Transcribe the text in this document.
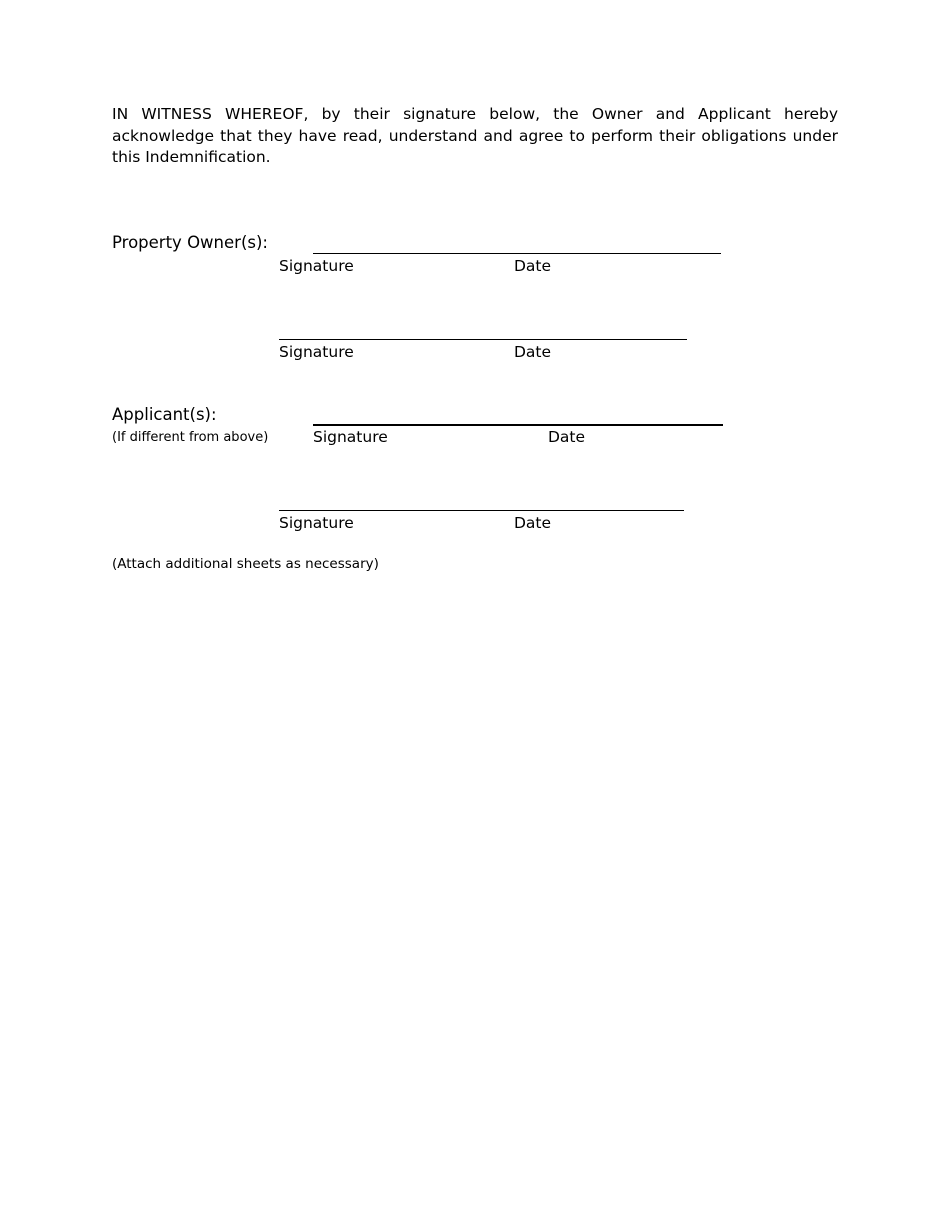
IN WITNESS WHEREOF, by their signature below, the Owner and Applicant hereby acknowledge that they have read, understand and agree to perform their obligations under this Indemnification.

Property Owner(s):
Signature	Date
Signature	Date
Applicant(s):
(If different from above)	Signature	Date
Signature	Date
(Attach additional sheets as necessary)
